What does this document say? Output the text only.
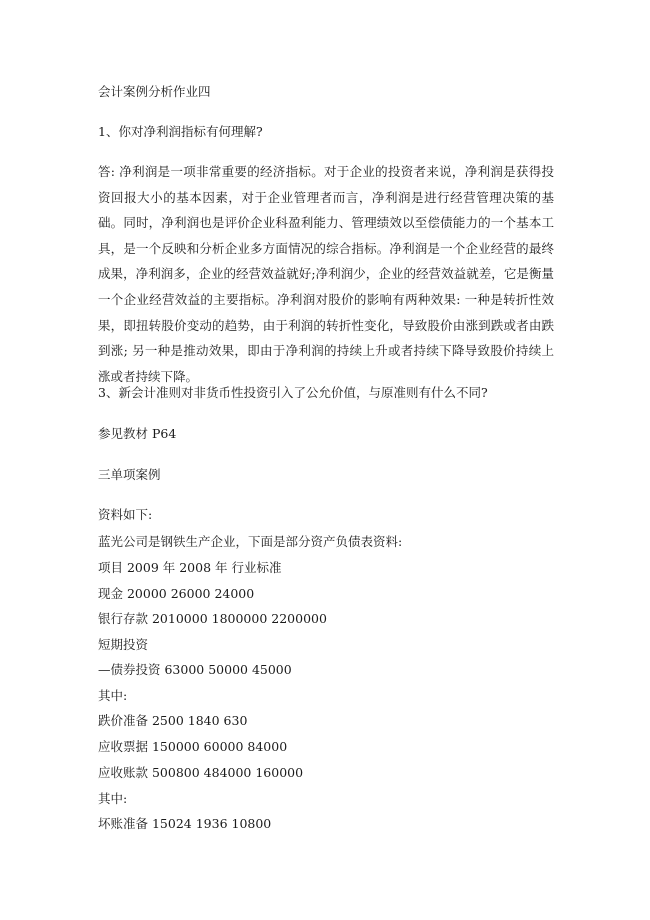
会计案例分析作业四
1、你对净利润指标有何理解?
答: 净利润是一项非常重要的经济指标。对于企业的投资者来说，净利润是获得投资回报大小的基本因素，对于企业管理者而言，净利润是进行经营管理决策的基础。同时，净利润也是评价企业科盈利能力、管理绩效以至偿债能力的一个基本工具，是一个反映和分析企业多方面情况的综合指标。净利润是一个企业经营的最终成果，净利润多，企业的经营效益就好;净利润少，企业的经营效益就差，它是衡量一个企业经营效益的主要指标。净利润对股价的影响有两种效果: 一种是转折性效果，即扭转股价变动的趋势，由于利润的转折性变化，导致股价由涨到跌或者由跌到涨; 另一种是推动效果，即由于净利润的持续上升或者持续下降导致股价持续上涨或者持续下降。
3、新会计准则对非货币性投资引入了公允价值，与原准则有什么不同?
参见教材 P64
三单项案例
资料如下:
蓝光公司是钢铁生产企业，下面是部分资产负债表资料:
项目 2009 年 2008 年 行业标准
现金 20000 26000 24000
银行存款 2010000 1800000 2200000
短期投资
—债券投资 63000 50000 45000
其中:
跌价准备 2500 1840 630
应收票据 150000 60000 84000
应收账款 500800 484000 160000
其中:
坏账准备 15024 1936 10800
